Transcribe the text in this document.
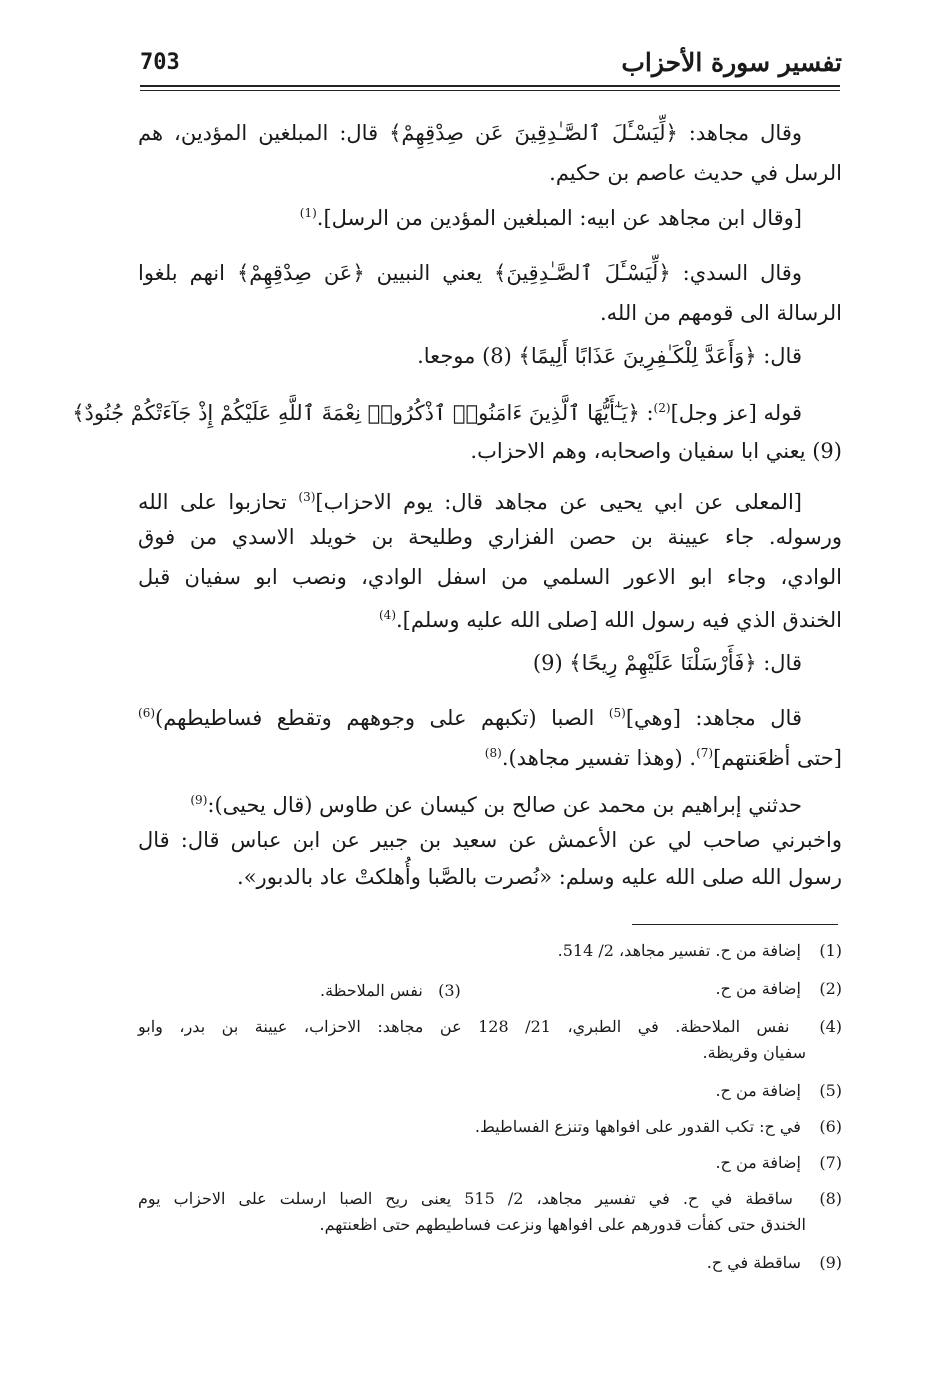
تفسير سورة الأحزاب
703
وقال مجاهد: ﴿لِّيَسْـَٔلَ ٱلصَّـٰدِقِينَ عَن صِدْقِهِمْ﴾ قال: المبلغين المؤدين، هم
الرسل في حديث عاصم بن حكيم.
[وقال ابن مجاهد عن ابيه: المبلغين المؤدين من الرسل].$^{(1)}$
وقال السدي: ﴿لِّيَسْـَٔلَ ٱلصَّـٰدِقِينَ﴾ يعني النبيين ﴿عَن صِدْقِهِمْ﴾ انهم بلغوا
الرسالة الى قومهم من الله.
قال: ﴿وَأَعَدَّ لِلْكَـٰفِرِينَ عَذَابًا أَلِيمًا﴾ (8) موجعا.
قوله [عز وجل]$^{(2)}$: ﴿يَـٰٓأَيُّهَا ٱلَّذِينَ ءَامَنُوا۟ ٱذْكُرُوا۟ نِعْمَةَ ٱللَّهِ عَلَيْكُمْ إِذْ جَآءَتْكُمْ جُنُودٌ﴾
(9) يعني ابا سفيان واصحابه، وهم الاحزاب.
[المعلى عن ابي يحيى عن مجاهد قال: يوم الاحزاب]$^{(3)}$ تحازبوا على الله
ورسوله. جاء عيينة بن حصن الفزاري وطليحة بن خويلد الاسدي من فوق
الوادي، وجاء ابو الاعور السلمي من اسفل الوادي، ونصب ابو سفيان قبل
الخندق الذي فيه رسول الله [صلى الله عليه وسلم].$^{(4)}$
قال: ﴿فَأَرْسَلْنَا عَلَيْهِمْ رِيحًا﴾ (9)
قال مجاهد: [وهي]$^{(5)}$ الصبا (تكبهم على وجوههم وتقطع فساطيطهم)$^{(6)}$
[حتى أظعَنتهم]$^{(7)}$. (وهذا تفسير مجاهد).$^{(8)}$
حدثني إبراهيم بن محمد عن صالح بن كيسان عن طاوس (قال يحيى):$^{(9)}$
واخبرني صاحب لي عن الأعمش عن سعيد بن جبير عن ابن عباس قال: قال
رسول الله صلى الله عليه وسلم: «نُصرت بالصَّبا وأُهلكتْ عاد بالدبور».
(1) إضافة من ح. تفسير مجاهد، 2/ 514.
(2) إضافة من ح.
(3)   نفس الملاحظة.
(4) نفس الملاحظة. في الطبري، 21/ 128 عن مجاهد: الاحزاب، عيينة بن بدر، وابو
سفيان وقريظة.
(5) إضافة من ح.
(6) في ح: تكب القدور على افواهها وتنزع الفساطيط.
(7) إضافة من ح.
(8) ساقطة في ح. في تفسير مجاهد، 2/ 515 يعنى ريح الصبا ارسلت على الاحزاب يوم
الخندق حتى كفأت قدورهم على افواهها ونزعت فساطيطهم حتى اظعنتهم.
(9) ساقطة في ح.
